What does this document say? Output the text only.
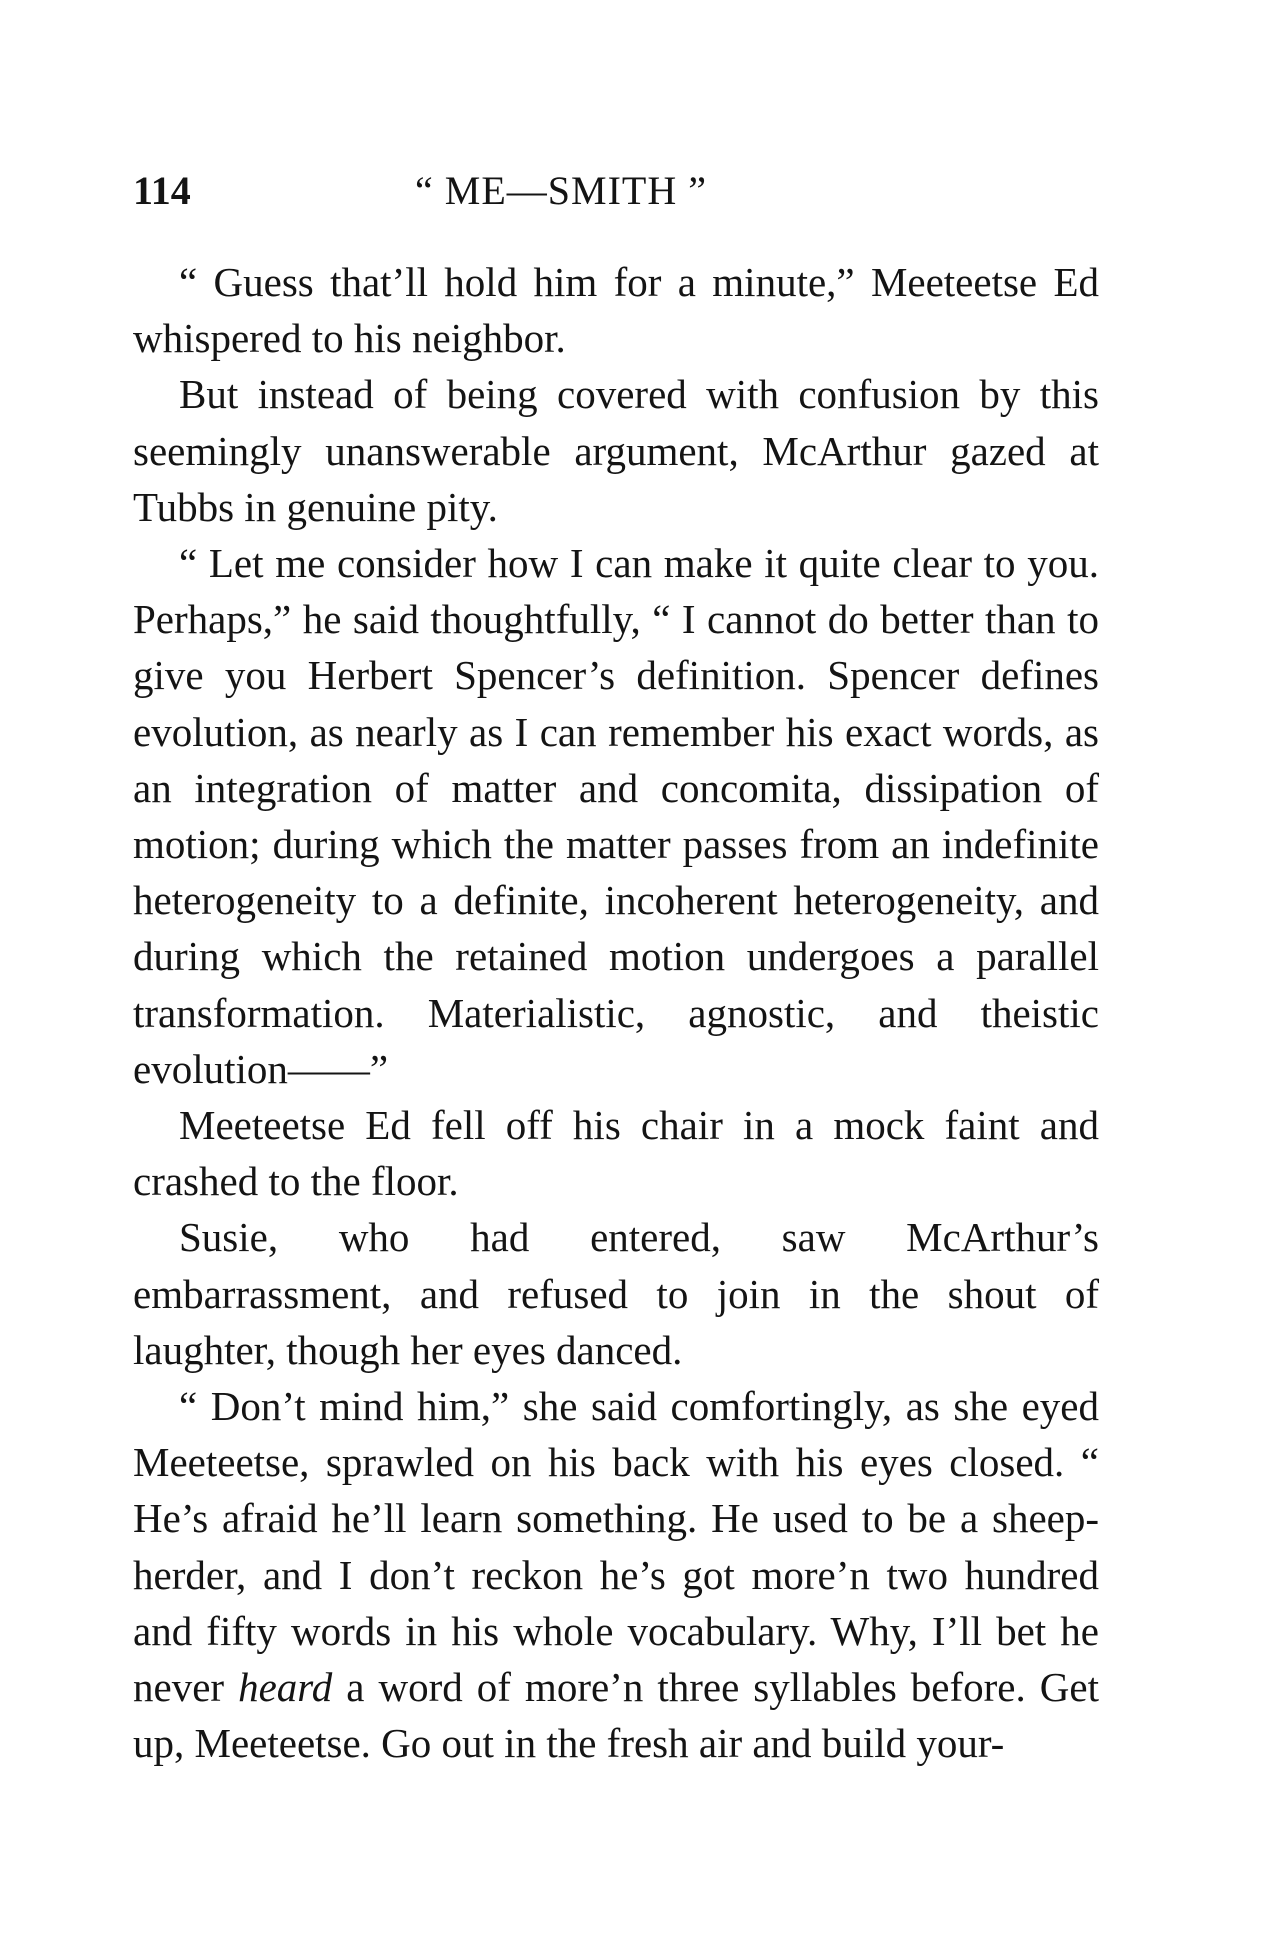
114	“ ME—SMITH ”

“ Guess that’ll hold him for a minute,” Meeteetse Ed whispered to his neighbor.

But instead of being covered with confusion by this seemingly unanswerable argument, McArthur gazed at Tubbs in genuine pity.

“ Let me consider how I can make it quite clear to you. Perhaps,” he said thoughtfully, “ I cannot do better than to give you Herbert Spencer’s definition. Spencer defines evolution, as nearly as I can remember his exact words, as an integration of matter and concomita, dissipation of motion; during which the matter passes from an indefinite heterogeneity to a definite, incoherent heterogeneity, and during which the retained motion undergoes a parallel transformation. Materialistic, agnostic, and theistic evolution——”

Meeteetse Ed fell off his chair in a mock faint and crashed to the floor.

Susie, who had entered, saw McArthur’s embarrassment, and refused to join in the shout of laughter, though her eyes danced.

“ Don’t mind him,” she said comfortingly, as she eyed Meeteetse, sprawled on his back with his eyes closed. “ He’s afraid he’ll learn something. He used to be a sheep-herder, and I don’t reckon he’s got more’n two hundred and fifty words in his whole vocabulary. Why, I’ll bet he never heard a word of more’n three syllables before. Get up, Meeteetse. Go out in the fresh air and build your-
